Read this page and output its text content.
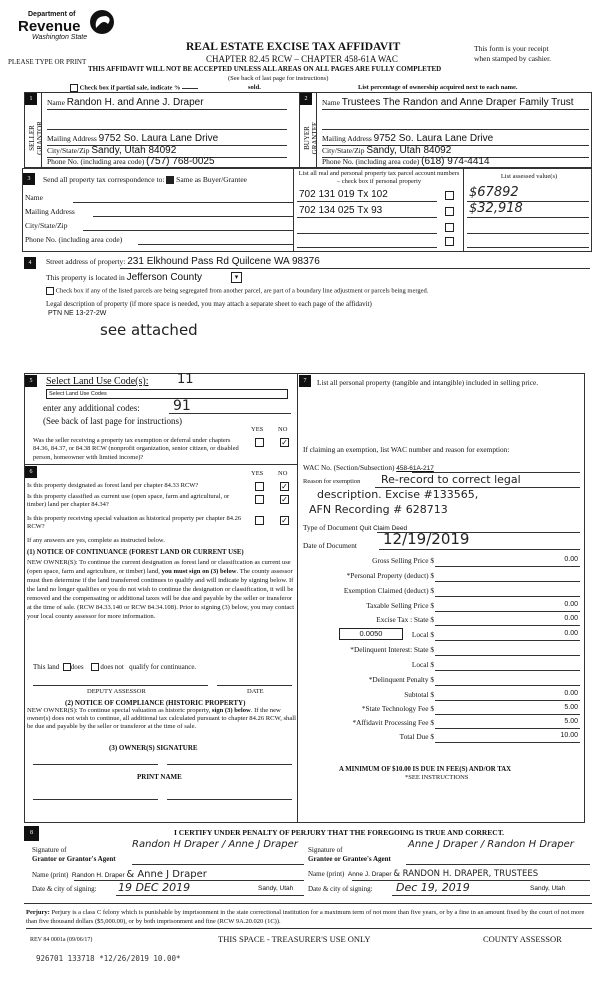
Department of
Revenue
Washington State
REAL ESTATE EXCISE TAX AFFIDAVIT
CHAPTER 82.45 RCW – CHAPTER 458-61A WAC
PLEASE TYPE OR PRINT
This form is your receipt
when stamped by cashier.
THIS AFFIDAVIT WILL NOT BE ACCEPTED UNLESS ALL AREAS ON ALL PAGES ARE FULLY COMPLETED
(See back of last page for instructions)
Check box if partial sale, indicate %	sold.	List percentage of ownership acquired next to each name.
1
SELLER
GRANTOR
Name Randon H. and Anne J. Draper
Mailing Address 9752 So. Laura Lane Drive
City/State/Zip Sandy, Utah 84092
Phone No. (including area code) (757) 768-0025
2
BUYER
GRANTEE
Name Trustees The Randon and Anne Draper Family Trust
Mailing Address 9752 So. Laura Lane Drive
City/State/Zip Sandy, Utah 84092
Phone No. (including area code) (618) 974-4414
3	Send all property tax correspondence to: Same as Buyer/Grantee
Name
Mailing Address
City/State/Zip
Phone No. (including area code)
List all real and personal property tax parcel account numbers – check box if personal property
List assessed value(s)
702 131 019 Tx 102	$67892
702 134 025 Tx 93	$32,918
4	Street address of property: 231 Elkhound Pass Rd Quilcene WA 98376
This property is located in Jefferson County	▾
Check box if any of the listed parcels are being segregated from another parcel, are part of a boundary line adjustment or parcels being merged.
Legal description of property (if more space is needed, you may attach a separate sheet to each page of the affidavit)
PTN NE 13-27-2W
see attached
5	Select Land Use Code(s): 11
Select Land Use Codes
enter any additional codes: 91
(See back of last page for instructions)
YES NO
Was the seller receiving a property tax exemption or deferral under chapters 84.36, 84.37, or 84.38 RCW (nonprofit organization, senior citizen, or disabled person, homeowner with limited income)?
✓
6	YES NO
Is this property designated as forest land per chapter 84.33 RCW?	✓
Is this property classified as current use (open space, farm and agricultural, or timber) land per chapter 84.34?
✓
Is this property receiving special valuation as historical property per chapter 84.26 RCW?
✓
If any answers are yes, complete as instructed below.
(1) NOTICE OF CONTINUANCE (FOREST LAND OR CURRENT USE)
NEW OWNER(S): To continue the current designation as forest land or classification as current use (open space, farm and agriculture, or timber) land, you must sign on (3) below. The county assessor must then determine if the land transferred continues to qualify and will indicate by signing below. If the land no longer qualifies or you do not wish to continue the designation or classification, it will be removed and the compensating or additional taxes will be due and payable by the seller or transferor at the time of sale. (RCW 84.33.140 or RCW 84.34.108). Prior to signing (3) below, you may contact your local county assessor for more information.
This land does does not qualify for continuance.
DEPUTY ASSESSOR	DATE
(2) NOTICE OF COMPLIANCE (HISTORIC PROPERTY)
NEW OWNER(S): To continue special valuation as historic property, sign (3) below. If the new owner(s) does not wish to continue, all additional tax calculated pursuant to chapter 84.26 RCW, shall be due and payable by the seller or transferor at the time of sale.
(3) OWNER(S) SIGNATURE
PRINT NAME
7	List all personal property (tangible and intangible) included in selling price.
If claiming an exemption, list WAC number and reason for exemption:
WAC No. (Section/Subsection) 458-61A-217
Reason for exemption Re-record to correct legal
description. Excise #133565,
AFN Recording # 628713
Type of Document Quit Claim Deed
Date of Document 12/19/2019
Gross Selling Price $	0.00
*Personal Property (deduct) $
Exemption Claimed (deduct) $
Taxable Selling Price $	0.00
Excise Tax : State $	0.00
Local $	0.00
*Delinquent Interest: State $
Local $
*Delinquent Penalty $
Subtotal $	0.00
*State Technology Fee $	5.00
*Affidavit Processing Fee $	5.00
Total Due $	10.00
0.0050
A MINIMUM OF $10.00 IS DUE IN FEE(S) AND/OR TAX
*SEE INSTRUCTIONS
8	I CERTIFY UNDER PENALTY OF PERJURY THAT THE FOREGOING IS TRUE AND CORRECT.
Signature of
Grantor or Grantor's Agent
Randon H Draper / Anne J Draper Signature of
Grantee or Grantee's Agent
Anne J Draper / Randon H Draper
Name (print) Randon H. Draper & Anne J Draper	Name (print) Anne J. Draper & RANDON H. DRAPER, TRUSTEES
Date & city of signing: 19 DEC 2019	Sandy, Utah Date & city of signing: Dec 19, 2019	Sandy, Utah
Perjury: Perjury is a class C felony which is punishable by imprisonment in the state correctional institution for a maximum term of not more than five years, or by a fine in an amount fixed by the court of not more than five thousand dollars ($5,000.00), or by both imprisonment and fine (RCW 9A.20.020 (1C)).
REV 84 0001a (09/06/17)	THIS SPACE - TREASURER'S USE ONLY	COUNTY ASSESSOR
926701 133718 *12/26/2019 10.00*
